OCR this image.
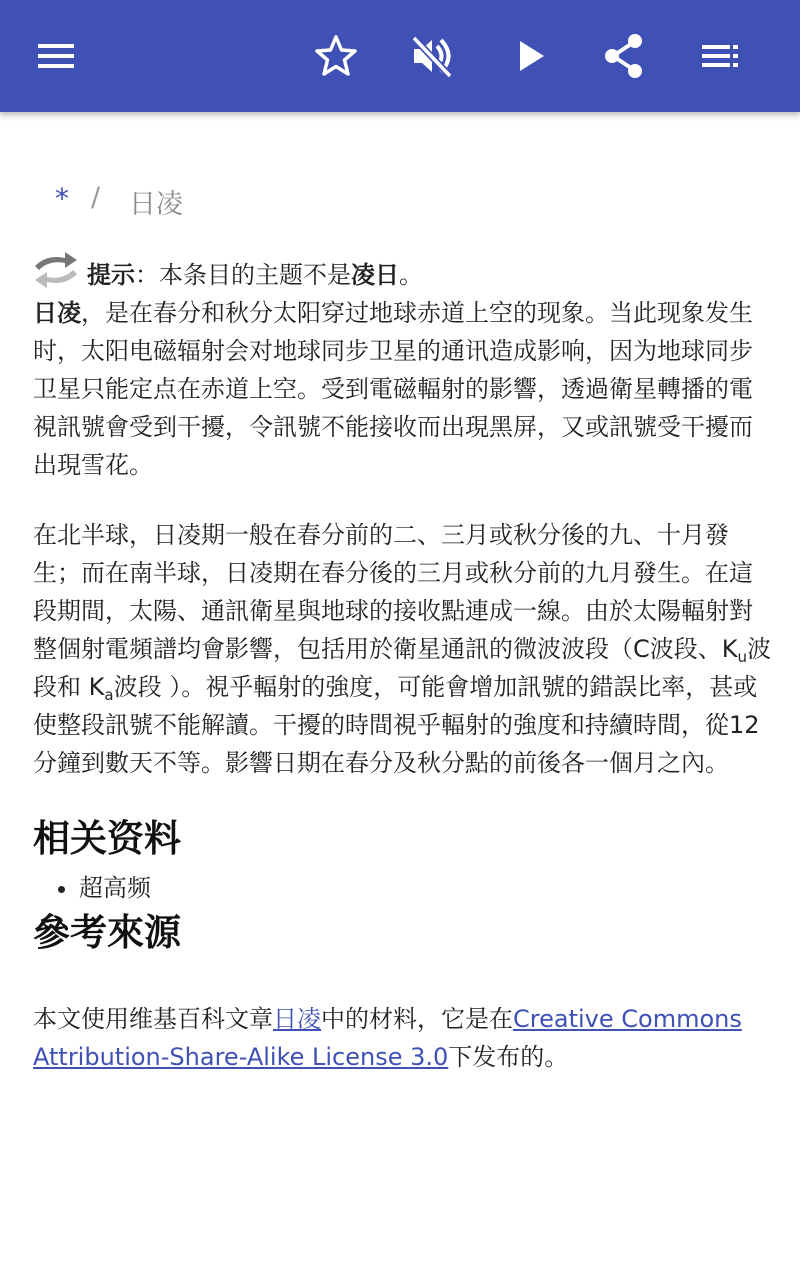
* / 日凌
提示：本条目的主题不是凌日。

日凌，是在春分和秋分太阳穿过地球赤道上空的现象。当此现象发生时，太阳电磁辐射会对地球同步卫星的通讯造成影响，因为地球同步卫星只能定点在赤道上空。受到電磁輻射的影響，透過衛星轉播的電視訊號會受到干擾，令訊號不能接收而出現黑屏，又或訊號受干擾而出現雪花。

在北半球，日凌期一般在春分前的二、三月或秋分後的九、十月發生；而在南半球，日凌期在春分後的三月或秋分前的九月發生。在這段期間，太陽、通訊衛星與地球的接收點連成一線。由於太陽輻射對整個射電頻譜均會影響，包括用於衛星通訊的微波波段（C波段、$K_u$波段和 $K_a$波段 ）。視乎輻射的強度，可能會增加訊號的錯誤比率，甚或使整段訊號不能解讀。干擾的時間視乎輻射的強度和持續時間，從12分鐘到數天不等。影響日期在春分及秋分點的前後各一個月之內。

相关资料
• 超高频
參考來源

本文使用维基百科文章日凌中的材料，它是在Creative Commons Attribution-Share-Alike License 3.0下发布的。
